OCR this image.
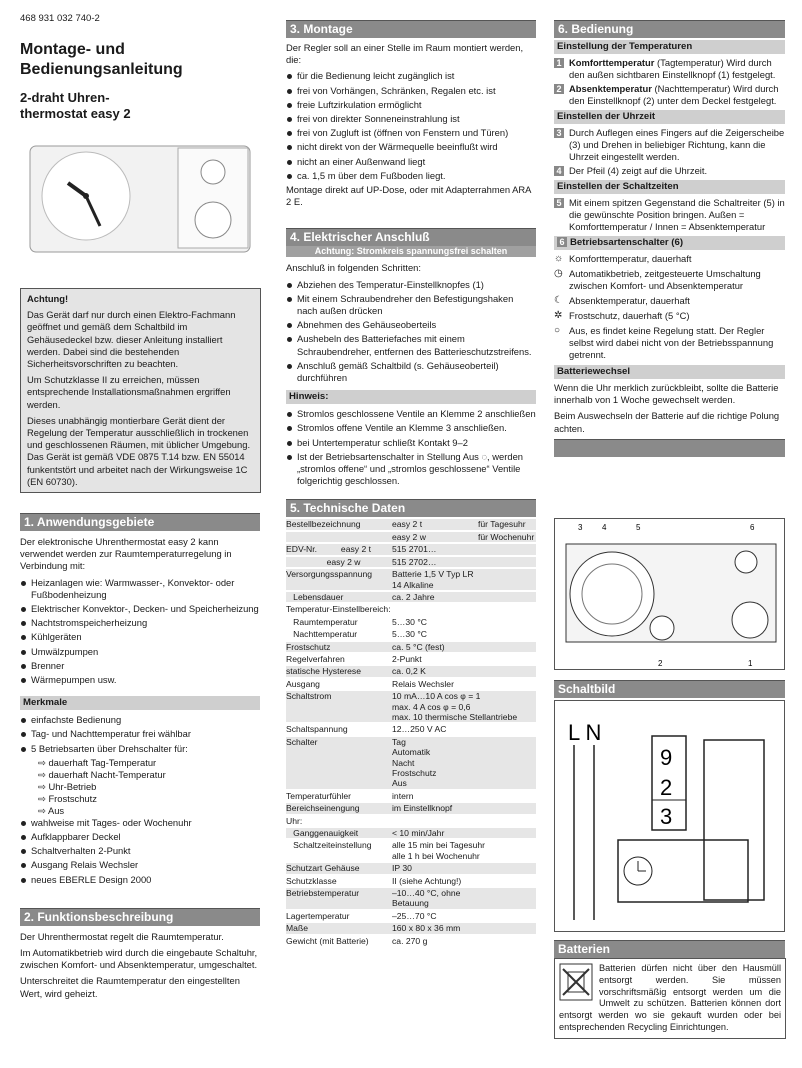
468 931 032 740-2
Montage- und
Bedienungsanleitung
2-draht Uhren-
thermostat easy 2

Achtung!

Das Gerät darf nur durch einen Elektro-Fachmann geöffnet und gemäß dem Schaltbild im Gehäusedeckel bzw. dieser Anleitung installiert werden. Dabei sind die bestehenden Sicherheitsvorschriften zu beachten.

Um Schutzklasse II zu erreichen, müssen entsprechende Installationsmaßnahmen ergriffen werden.

Dieses unabhängig montierbare Gerät dient der Regelung der Temperatur ausschließlich in trockenen und geschlossenen Räumen, mit üblicher Umgebung. Das Gerät ist gemäß VDE 0875 T.14 bzw. EN 55014 funkentstört und arbeitet nach der Wirkungsweise 1C (EN 60730).

1. Anwendungsgebiete

Der elektronische Uhrenthermostat easy 2 kann verwendet werden zur Raumtemperaturregelung in Verbindung mit:

Heizanlagen wie: Warmwasser-, Konvektor- oder Fußbodenheizung
Elektrischer Konvektor-, Decken- und Speicherheizung
Nachtstromspeicherheizung
Kühlgeräten
Umwälzpumpen
Brenner
Wärmepumpen usw.
Merkmale
einfachste Bedienung
Tag- und Nachttemperatur frei wählbar
5 Betriebsarten über Drehschalter für:
⇨ dauerhaft Tag-Temperatur
⇨ dauerhaft Nacht-Temperatur
⇨ Uhr-Betrieb
⇨ Frostschutz
⇨ Aus
wahlweise mit Tages- oder Wochenuhr
Aufklappbarer Deckel
Schaltverhalten 2-Punkt
Ausgang Relais Wechsler
neues EBERLE Design 2000
2. Funktionsbeschreibung

Der Uhrenthermostat regelt die Raumtemperatur.

Im Automatikbetrieb wird durch die eingebaute Schaltuhr, zwischen Komfort- und Absenktemperatur, umgeschaltet.

Unterschreitet die Raumtemperatur den eingestellten Wert, wird geheizt.

3. Montage

Der Regler soll an einer Stelle im Raum montiert werden, die:

für die Bedienung leicht zugänglich ist
frei von Vorhängen, Schränken, Regalen etc. ist
freie Luftzirkulation ermöglicht
frei von direkter Sonneneinstrahlung ist
frei von Zugluft ist (öffnen von Fenstern und Türen)
nicht direkt von der Wärmequelle beeinflußt wird
nicht an einer Außenwand liegt
ca. 1,5 m über dem Fußboden liegt.

Montage direkt auf UP-Dose, oder mit Adapterrahmen ARA 2 E.

4. Elektrischer Anschluß
Achtung: Stromkreis spannungsfrei schalten

Anschluß in folgenden Schritten:

Abziehen des Temperatur-Einstellknopfes (1)
Mit einem Schraubendreher den Befestigungshaken nach außen drücken
Abnehmen des Gehäuseoberteils
Aushebeln des Batteriefaches mit einem Schraubendreher, entfernen des Batterieschutzstreifens.
Anschluß gemäß Schaltbild (s. Gehäuseoberteil) durchführen
Hinweis:
Stromlos geschlossene Ventile an Klemme 2 anschließen
Stromlos offene Ventile an Klemme 3 anschließen.
bei Untertemperatur schließt Kontakt 9–2
Ist der Betriebsartenschalter in Stellung Aus ◌, werden „stromlos offene“ und „stromlos geschlossene“ Ventile folgerichtig geschlossen.
5. Technische Daten
Bestellbezeichnung	easy 2 t	für Tagesuhr
	easy 2 w	für Wochenuhr
EDV-Nr.          easy 2 t	515 2701…	
easy 2 w	515 2702…	
Versorgungsspannung	Batterie 1,5 V Typ LR 14 Alkaline	
Lebensdauer	ca. 2 Jahre	
Temperatur-Einstellbereich:		
Raumtemperatur	5…30 °C	
Nachttemperatur	5…30 °C	
Frostschutz	ca. 5 °C (fest)	
Regelverfahren	2-Punkt	
statische Hysterese	ca. 0,2 K	
Ausgang	Relais Wechsler	
Schaltstrom	10 mA…10 A cos φ = 1
max. 4 A cos φ = 0,6
max. 10 thermische Stellantriebe	

Schaltspannung	12…250 V AC	
Schalter	Tag
Automatik
Nacht
Frostschutz
Aus	

Temperaturfühler	intern	
Bereichseinengung	im Einstellknopf	
Uhr:		
Ganggenauigkeit	< 10 min/Jahr	
Schaltzeiteinstellung	alle 15 min bei Tagesuhr
alle 1 h bei Wochenuhr	

Schutzart Gehäuse	IP 30	
Schutzklasse	II (siehe Achtung!)	
Betriebstemperatur	–10…40 °C, ohne Betauung	
Lagertemperatur	–25…70 °C	
Maße	160 x 80 x 36 mm	
Gewicht (mit Batterie)	ca. 270 g	
6. Bedienung
Einstellung der Temperaturen
1 Komforttemperatur (Tagtemperatur) Wird durch den außen sichtbaren Einstellknopf (1) festgelegt.
2 Absenktemperatur (Nachttemperatur) Wird durch den Einstellknopf (2) unter dem Deckel festgelegt.
Einstellen der Uhrzeit
3 Durch Auflegen eines Fingers auf die Zeigerscheibe (3) und Drehen in beliebiger Richtung, kann die Uhrzeit eingestellt werden.
4 Der Pfeil (4) zeigt auf die Uhrzeit.
Einstellen der Schaltzeiten
5 Mit einem spitzen Gegenstand die Schaltreiter (5) in die gewünschte Position bringen. Außen = Komforttemperatur / Innen = Absenktemperatur
6 Betriebsartenschalter (6)
☼ Komforttemperatur, dauerhaft
◷ Automatikbetrieb, zeitgesteuerte Umschaltung zwischen Komfort- und Absenktemperatur
☾ Absenktemperatur, dauerhaft
✲ Frostschutz, dauerhaft (5 °C)
○ Aus, es findet keine Regelung statt. Der Regler selbst wird dabei nicht von der Betriebsspannung getrennt.
Batteriewechsel

Wenn die Uhr merklich zurückbleibt, sollte die Batterie innerhalb von 1 Woche gewechselt werden.

Beim Auswechseln der Batterie auf die richtige Polung achten.

3 4	5	6
2	1
Schaltbild
L N
9
2
3
Batterien
Batterien dürfen nicht über den Hausmüll entsorgt werden. Sie müssen vorschriftsmäßig entsorgt werden um die Umwelt zu schützen. Batterien können dort entsorgt werden wo sie gekauft wurden oder bei entsprechenden Recycling Einrichtungen.
